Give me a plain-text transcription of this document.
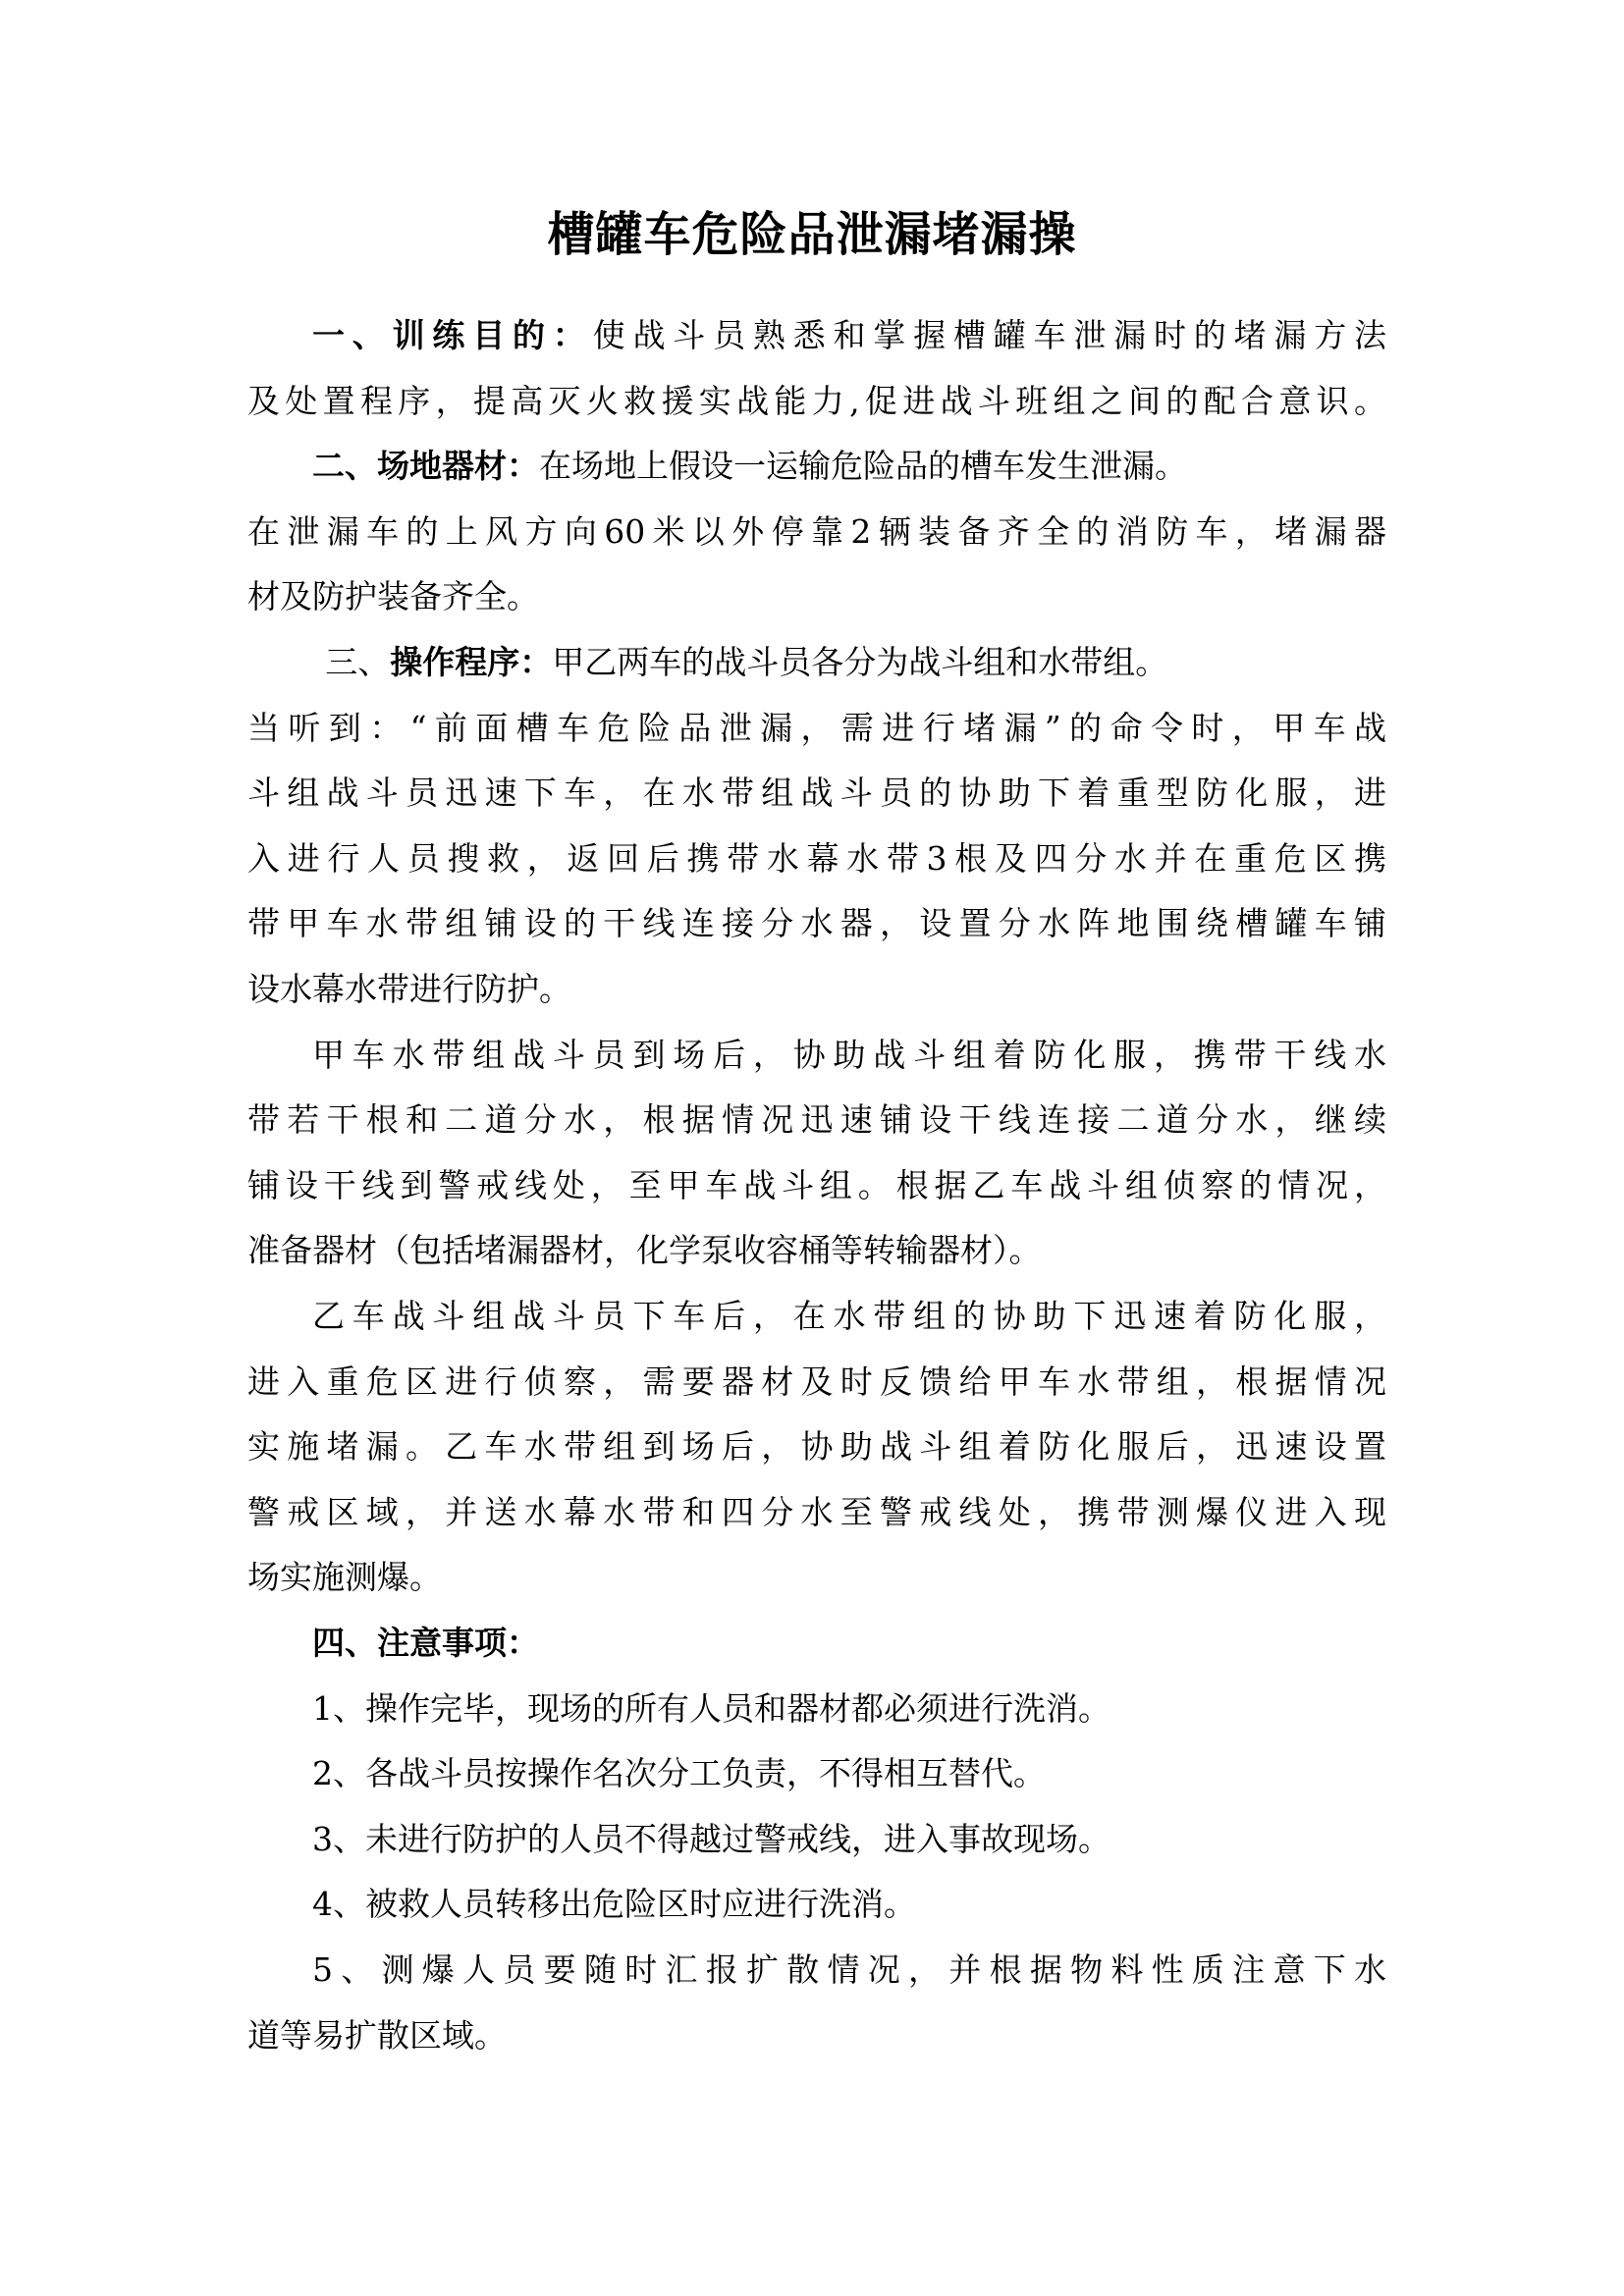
槽罐车危险品泄漏堵漏操
一、训练目的：使战斗员熟悉和掌握槽罐车泄漏时的堵漏方法
及处置程序，提高灭火救援实战能力,促进战斗班组之间的配合意识。
二、场地器材：在场地上假设一运输危险品的槽车发生泄漏。
在泄漏车的上风方向60米以外停靠2辆装备齐全的消防车，堵漏器
材及防护装备齐全。
三、操作程序：甲乙两车的战斗员各分为战斗组和水带组。
当听到：“前面槽车危险品泄漏，需进行堵漏”的命令时，甲车战
斗组战斗员迅速下车，在水带组战斗员的协助下着重型防化服，进
入进行人员搜救，返回后携带水幕水带3根及四分水并在重危区携
带甲车水带组铺设的干线连接分水器，设置分水阵地围绕槽罐车铺
设水幕水带进行防护。
甲车水带组战斗员到场后，协助战斗组着防化服，携带干线水
带若干根和二道分水，根据情况迅速铺设干线连接二道分水，继续
铺设干线到警戒线处，至甲车战斗组。根据乙车战斗组侦察的情况，
准备器材（包括堵漏器材，化学泵收容桶等转输器材）。
乙车战斗组战斗员下车后，在水带组的协助下迅速着防化服，
进入重危区进行侦察，需要器材及时反馈给甲车水带组，根据情况
实施堵漏。乙车水带组到场后，协助战斗组着防化服后，迅速设置
警戒区域，并送水幕水带和四分水至警戒线处，携带测爆仪进入现
场实施测爆。
四、注意事项：
1、操作完毕，现场的所有人员和器材都必须进行洗消。
2、各战斗员按操作名次分工负责，不得相互替代。
3、未进行防护的人员不得越过警戒线，进入事故现场。
4、被救人员转移出危险区时应进行洗消。
5、测爆人员要随时汇报扩散情况，并根据物料性质注意下水
道等易扩散区域。
